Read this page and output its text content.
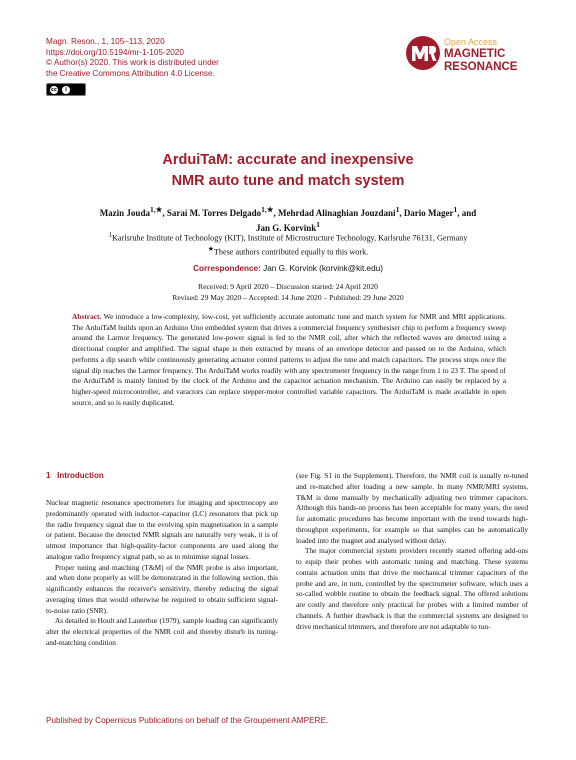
Magn. Reson., 1, 105–113, 2020
https://doi.org/10.5194/mr-1-105-2020
© Author(s) 2020. This work is distributed under
the Creative Commons Attribution 4.0 License.
cc	i
Open Access
MAGNETIC
RESONANCE
ArduiTaM: accurate and inexpensive
NMR auto tune and match system
Mazin Jouda$^{1,★}$, Saraí M. Torres Delgado$^{1,★}$, Mehrdad Alinaghian Jouzdani$^1$, Dario Mager$^1$, and
Jan G. Korvink$^1$
$^1$Karlsruhe Institute of Technology (KIT), Institute of Microstructure Technology, Karlsruhe 76131, Germany
★These authors contributed equally to this work.
Correspondence: Jan G. Korvink (korvink@kit.edu)
Received: 9 April 2020 – Discussion started: 24 April 2020
Revised: 29 May 2020 – Accepted: 14 June 2020 – Published: 29 June 2020
Abstract. We introduce a low-complexity, low-cost, yet sufficiently accurate automatic tune and match system for NMR and MRI applications. The ArduiTaM builds upon an Arduino Uno embedded system that drives a commercial frequency synthesiser chip to perform a frequency sweep around the Larmor frequency. The generated low-power signal is fed to the NMR coil, after which the reflected waves are detected using a directional coupler and amplified. The signal shape is then extracted by means of an envelope detector and passed on to the Arduino, which performs a dip search while continuously generating actuator control patterns to adjust the tune and match capacitors. The process stops once the signal dip reaches the Larmor frequency. The ArduiTaM works readily with any spectrometer frequency in the range from 1 to 23 T. The speed of the ArduiTaM is mainly limited by the clock of the Arduino and the capacitor actuation mechanism. The Arduino can easily be replaced by a higher-speed microcontroller, and varactors can replace stepper-motor controlled variable capacitors. The ArduiTaM is made available in open source, and so is easily duplicated.
1 Introduction

Nuclear magnetic resonance spectrometers for imaging and spectroscopy are predominantly operated with inductor–capacitor (LC) resonators that pick up the radio frequency signal due to the evolving spin magnetisation in a sample or patient. Because the detected NMR signals are naturally very weak, it is of utmost importance that high-quality-factor components are used along the analogue radio frequency signal path, so as to minimise signal losses.

Proper tuning and matching (T&M) of the NMR probe is also important, and when done properly as will be demonstrated in the following section, this significantly enhances the receiver's sensitivity, thereby reducing the signal averaging times that would otherwise be required to obtain sufficient signal-to-noise ratio (SNR).

As detailed in Hoult and Lauterbur (1979), sample loading can significantly alter the electrical properties of the NMR coil and thereby disturb its tuning-and-matching condition

(see Fig. S1 in the Supplement). Therefore, the NMR coil is usually re-tuned and re-matched after loading a new sample. In many NMR/MRI systems, T&M is done manually by mechanically adjusting two trimmer capacitors. Although this hands-on process has been acceptable for many years, the need for automatic procedures has become important with the trend towards high-throughput experiments, for example so that samples can be automatically loaded into the magnet and analysed without delay.

The major commercial system providers recently started offering add-ons to equip their probes with automatic tuning and matching. These systems contain actuation units that drive the mechanical trimmer capacitors of the probe and are, in turn, controlled by the spectrometer software, which uses a so-called wobble routine to obtain the feedback signal. The offered solutions are costly and therefore only practical for probes with a limited number of channels. A further drawback is that the commercial systems are designed to drive mechanical trimmers, and therefore are not adaptable to tun-

Published by Copernicus Publications on behalf of the Groupement AMPERE.
